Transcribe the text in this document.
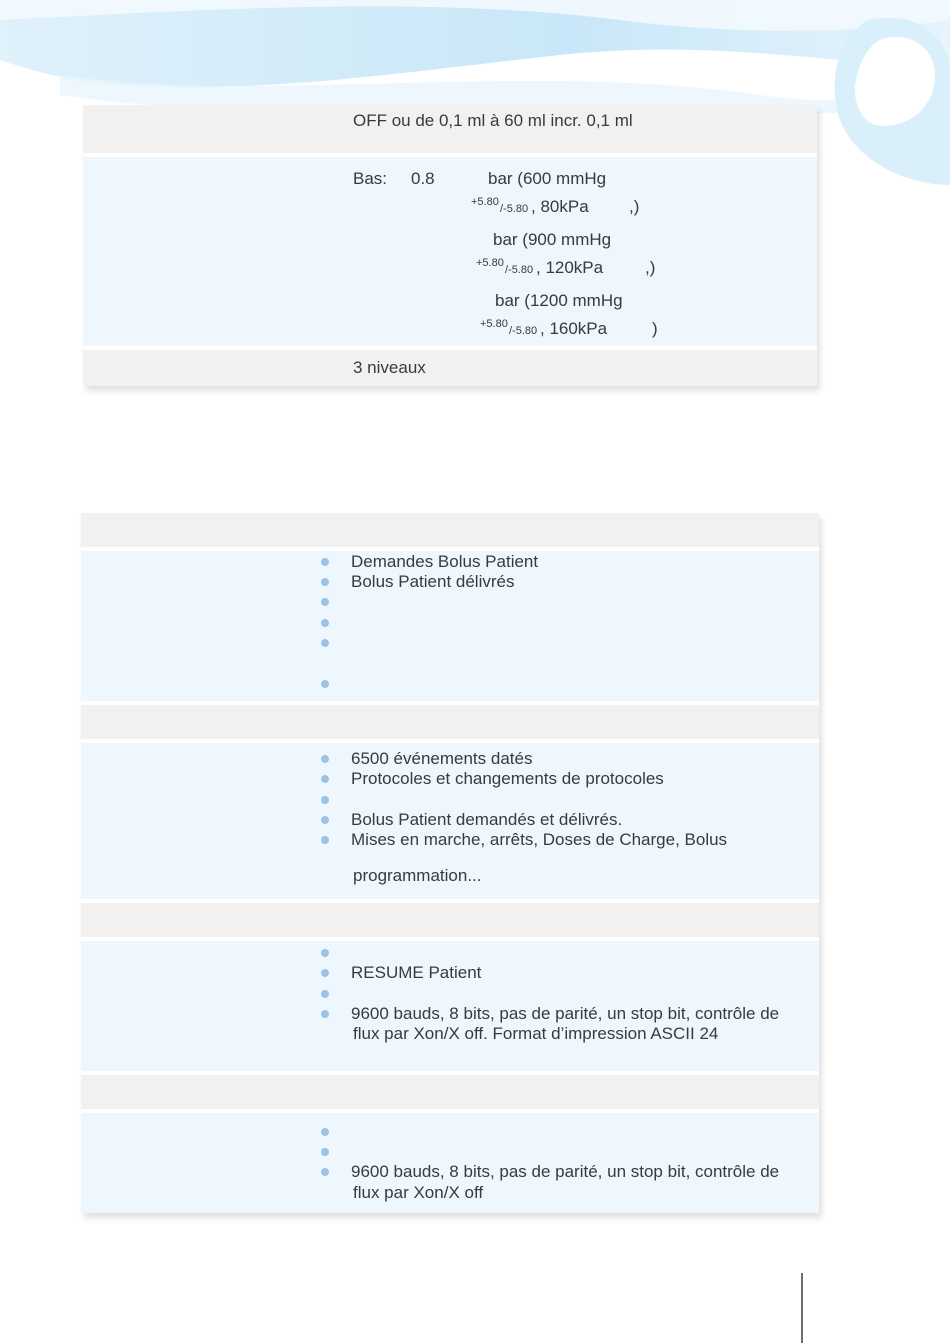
OFF ou de 0,1 ml à 60 ml incr. 0,1 ml
Bas: 0.8	bar (600 mmHg
+5.80
/-5.80 , 80kPa ,)
bar (900 mmHg
+5.80
/-5.80 , 120kPa ,)
bar (1200 mmHg
+5.80
/-5.80 , 160kPa	)
3 niveaux
Demandes Bolus Patient
Bolus Patient délivrés
6500 événements datés
Protocoles et changements de protocoles
Bolus Patient demandés et délivrés.
Mises en marche, arrêts, Doses de Charge, Bolus
programmation...
RESUME Patient
9600 bauds, 8 bits, pas de parité, un stop bit, contrôle de
flux par Xon/X off. Format d’impression ASCII 24
9600 bauds, 8 bits, pas de parité, un stop bit, contrôle de
flux par Xon/X off
